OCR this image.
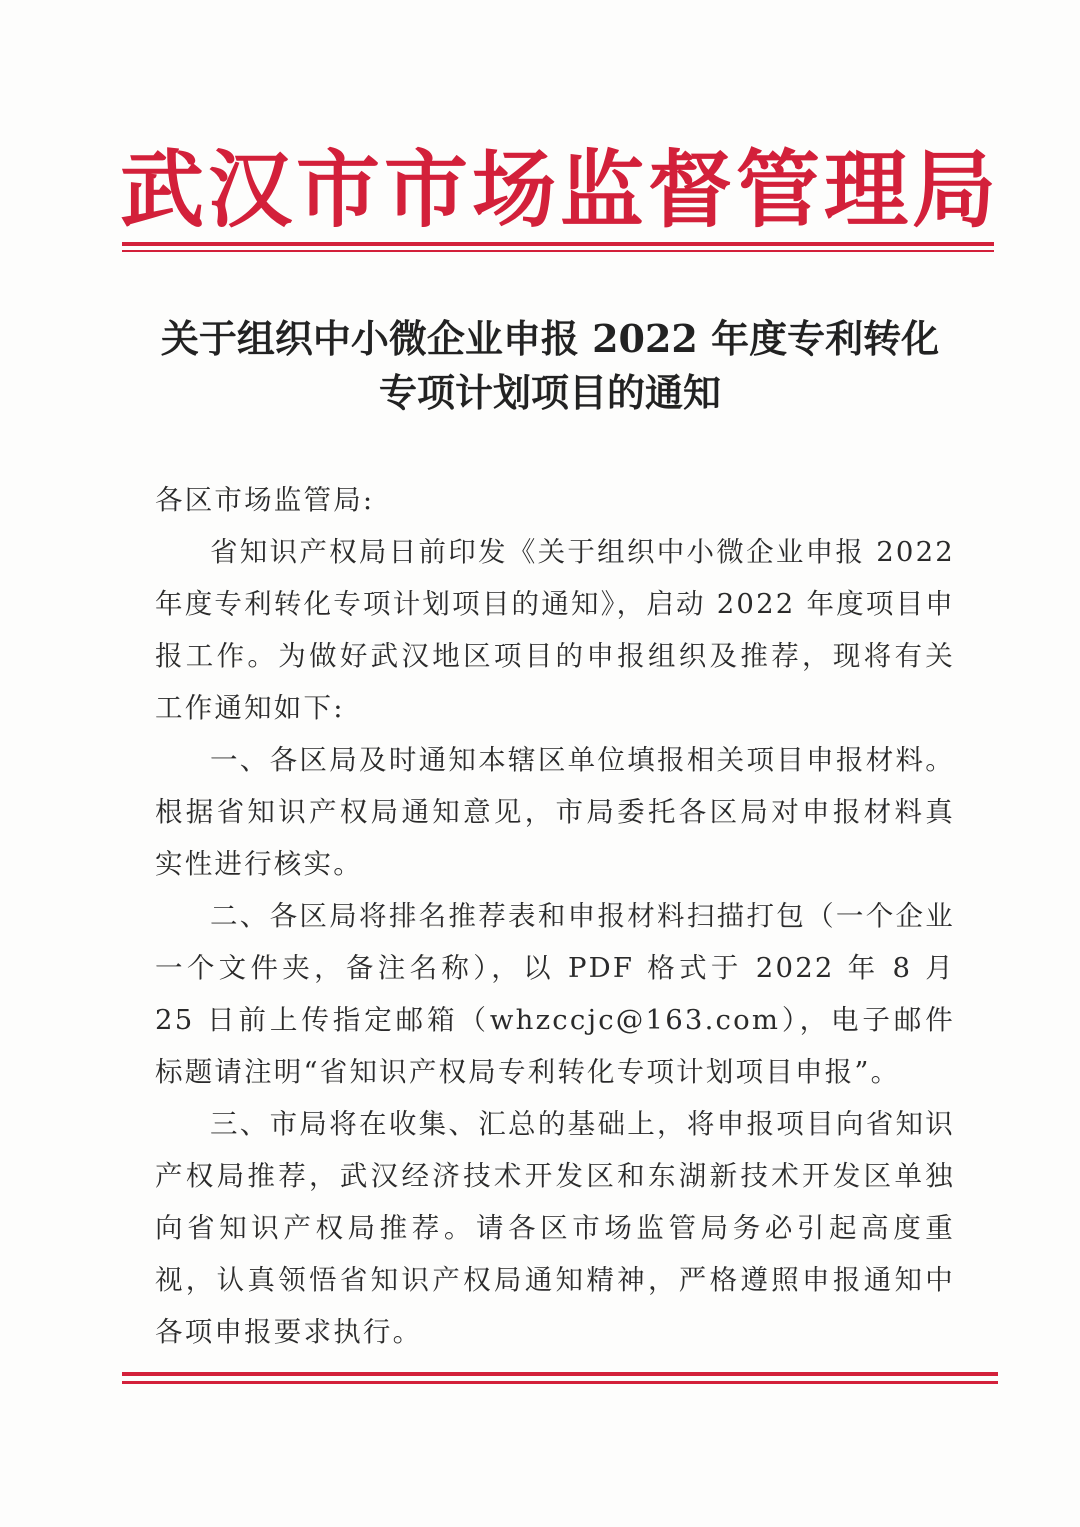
武汉市市场监督管理局
关于组织中小微企业申报 2022 年度专利转化
专项计划项目的通知

各区市场监管局:

省知识产权局日前印发《关于组织中小微企业申报 2022 年度专利转化专项计划项目的通知》，启动 2022 年度项目申报工作。为做好武汉地区项目的申报组织及推荐，现将有关工作通知如下:

一、各区局及时通知本辖区单位填报相关项目申报材料。根据省知识产权局通知意见，市局委托各区局对申报材料真实性进行核实。

二、各区局将排名推荐表和申报材料扫描打包（一个企业一个文件夹，备注名称），以 PDF 格式于 2022 年 8 月 25 日前上传指定邮箱（whzccjc@163.com），电子邮件标题请注明“省知识产权局专利转化专项计划项目申报”。

三、市局将在收集、汇总的基础上，将申报项目向省知识产权局推荐，武汉经济技术开发区和东湖新技术开发区单独向省知识产权局推荐。请各区市场监管局务必引起高度重视，认真领悟省知识产权局通知精神，严格遵照申报通知中各项申报要求执行。
